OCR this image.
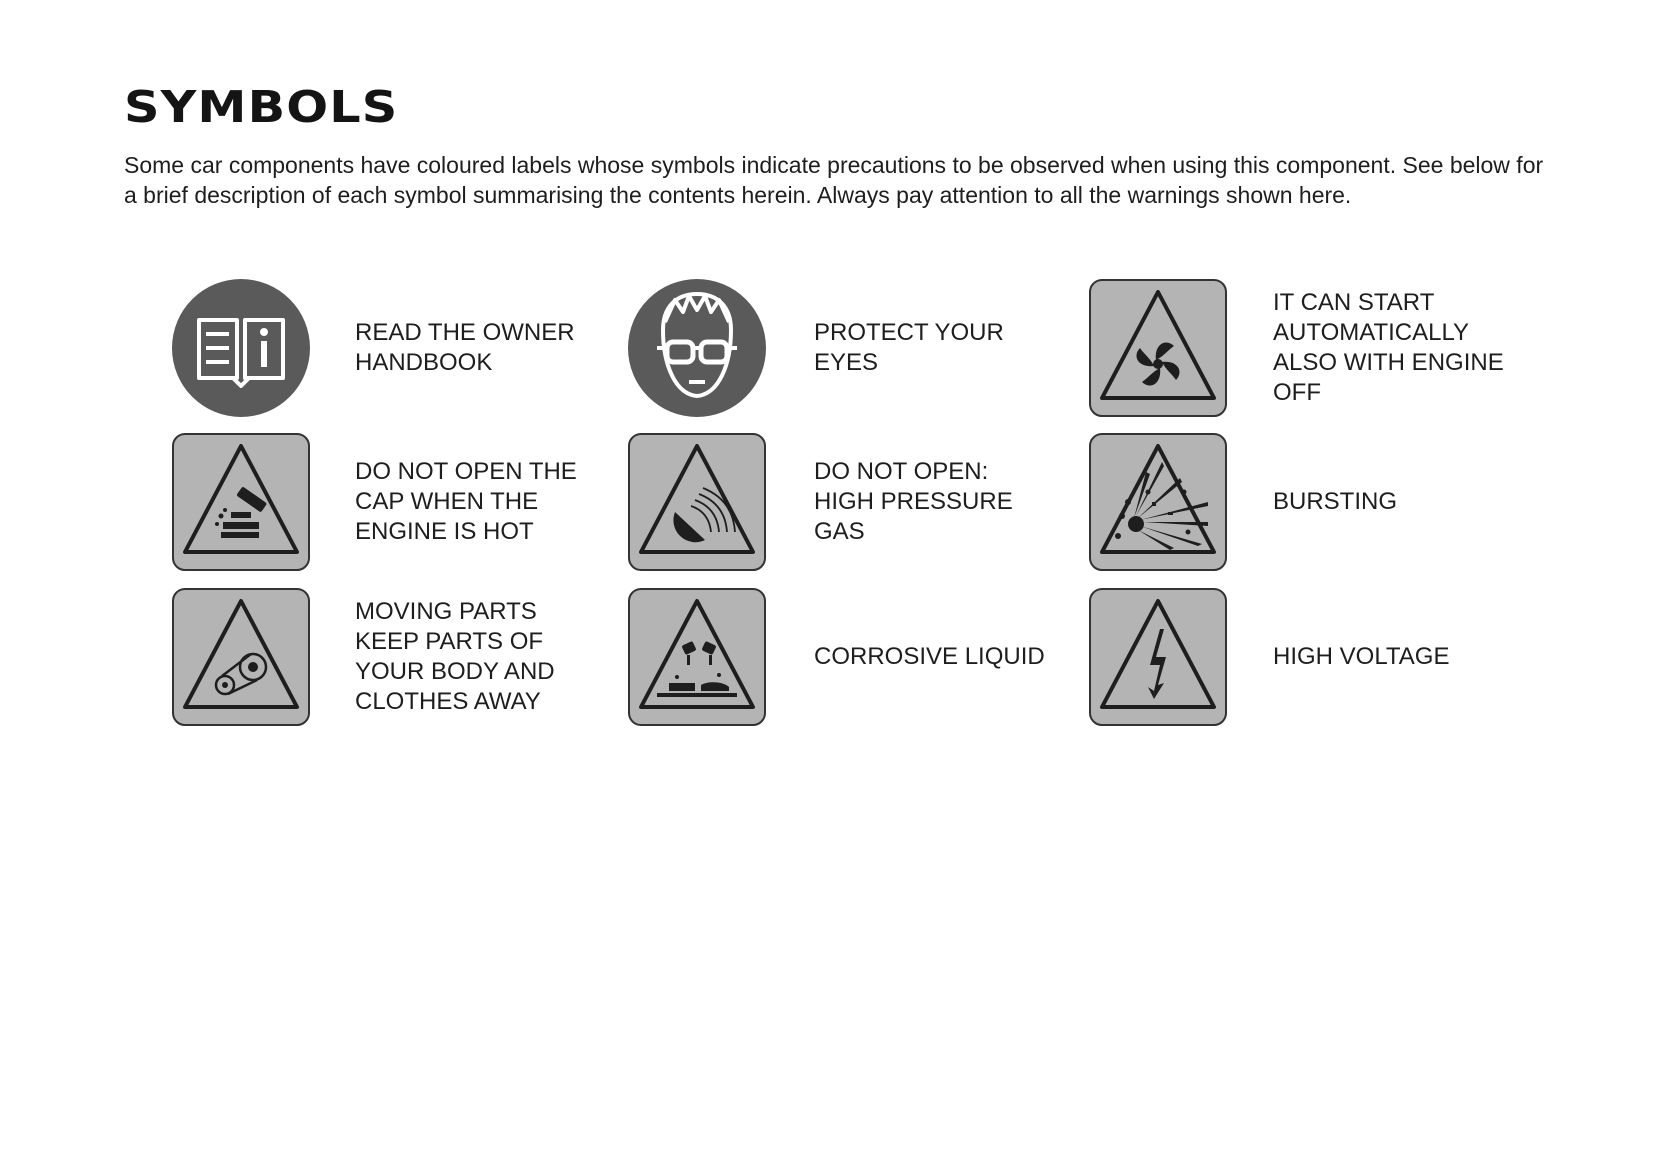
SYMBOLS

Some car components have coloured labels whose symbols indicate precautions to be observed when using this component. See below for a brief description of each symbol summarising the contents herein. Always pay attention to all the warnings shown here.

READ THE OWNER HANDBOOK
PROTECT YOUR EYES
IT CAN START AUTOMATICALLY ALSO WITH ENGINE OFF
DO NOT OPEN THE CAP WHEN THE ENGINE IS HOT
DO NOT OPEN: HIGH PRESSURE GAS
BURSTING
MOVING PARTS KEEP PARTS OF YOUR BODY AND CLOTHES AWAY
CORROSIVE LIQUID	HIGH VOLTAGE
